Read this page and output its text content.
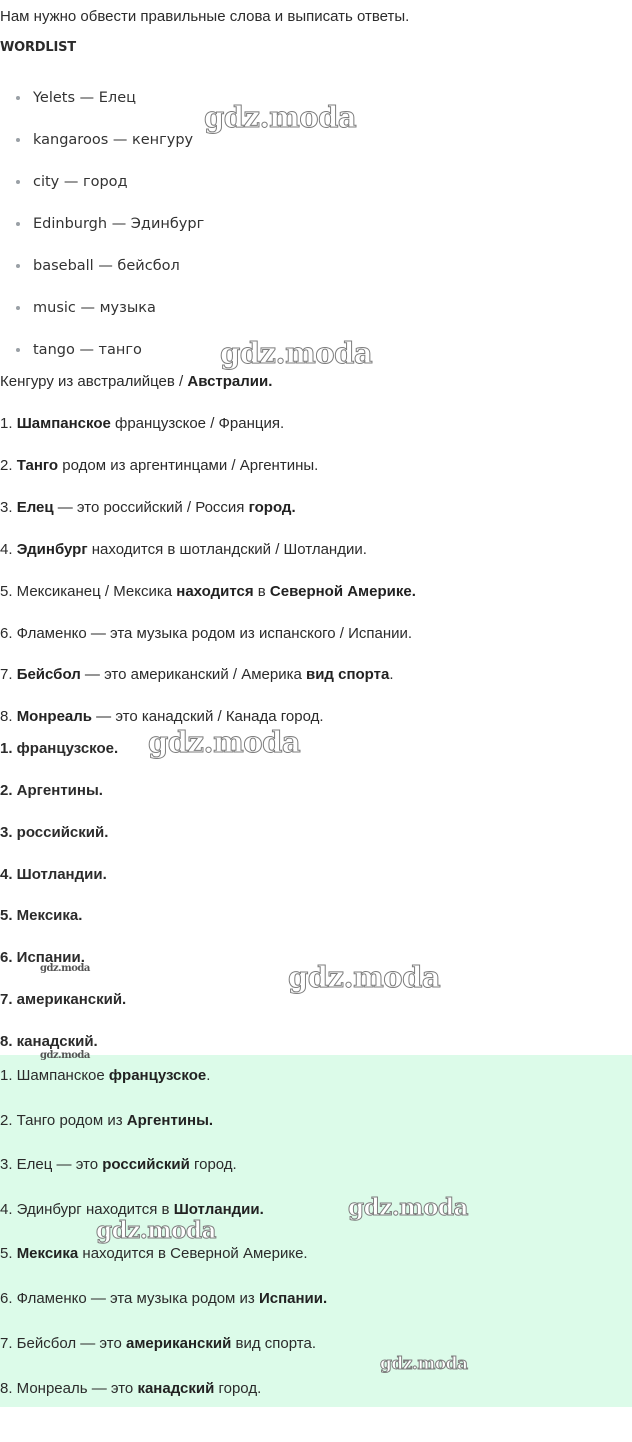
Нам нужно обвести правильные слова и выписать ответы.
WORDLIST
Yelets — Елец
kangaroos — кенгуру
city — город
Edinburgh — Эдинбург
baseball — бейсбол
music — музыка
tango — танго
Кенгуру из австралийцев / Австралии.
1. Шампанское французское / Франция.
2. Танго родом из аргентинцами / Аргентины.
3. Елец — это российский / Россия город.
4. Эдинбург находится в шотландский / Шотландии.
5. Мексиканец / Мексика находится в Северной Америке.
6. Фламенко — эта музыка родом из испанского / Испании.
7. Бейсбол — это американский / Америка вид спорта.
8. Монреаль — это канадский / Канада город.
1. французское.
2. Аргентины.
3. российский.
4. Шотландии.
5. Мексика.
6. Испании.
7. американский.
8. канадский.
1. Шампанское французское.
2. Танго родом из Аргентины.
3. Елец — это российский город.
4. Эдинбург находится в Шотландии.
5. Мексика находится в Северной Америке.
6. Фламенко — эта музыка родом из Испании.
7. Бейсбол — это американский вид спорта.
8. Монреаль — это канадский город.
gdz.moda
gdz.moda
gdz.moda
gdz.moda
gdz.moda
gdz.moda
gdz.moda
gdz.moda
gdz.moda
